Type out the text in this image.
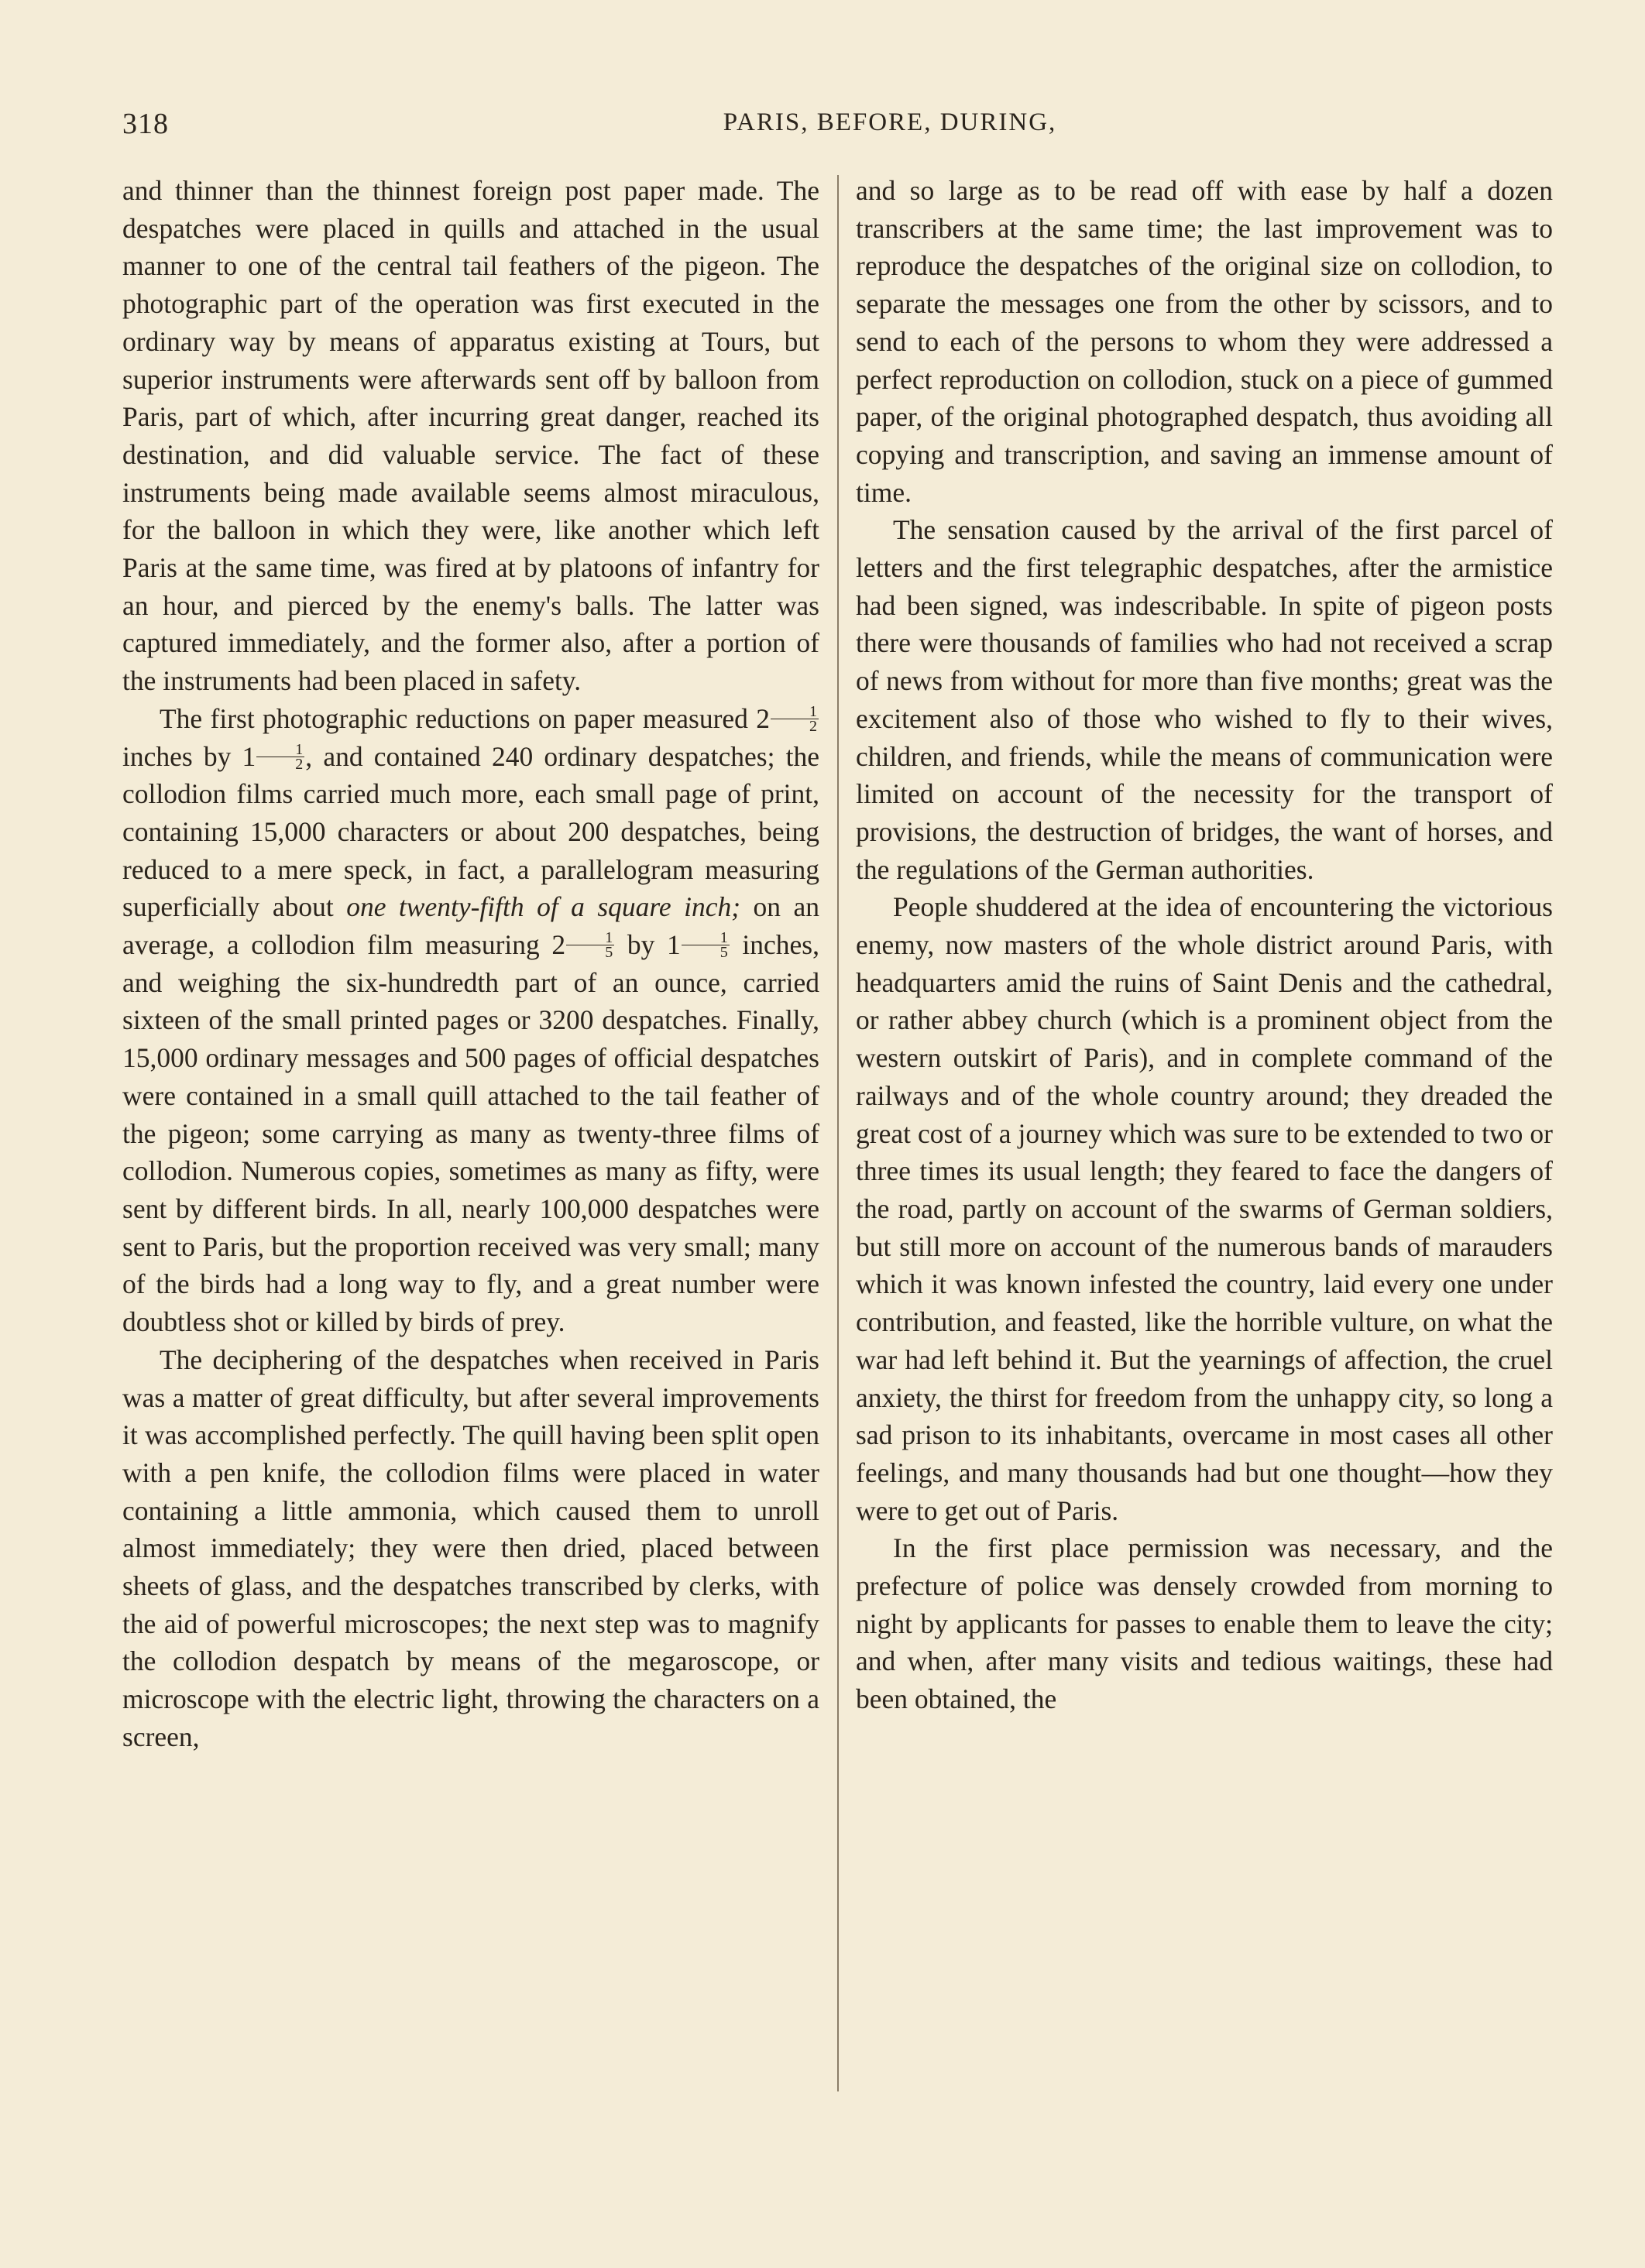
318	PARIS, BEFORE, DURING,

and thinner than the thinnest foreign post paper made. The despatches were placed in quills and attached in the usual manner to one of the central tail feathers of the pigeon. The photographic part of the operation was first executed in the ordinary way by means of apparatus existing at Tours, but superior instruments were afterwards sent off by balloon from Paris, part of which, after incurring great danger, reached its destination, and did valuable service. The fact of these instruments being made available seems almost miraculous, for the balloon in which they were, like another which left Paris at the same time, was fired at by platoons of infantry for an hour, and pierced by the enemy's balls. The latter was captured immediately, and the former also, after a portion of the instruments had been placed in safety.

The first photographic reductions on paper measured $2 \frac{1}{2}$
inches by $1 \frac{1}{2}$ , and contained 240 ordinary despatches; the collodion films carried much more, each small page of print, containing 15,000 characters or about 200 despatches, being reduced to a mere speck, in fact, a parallelogram measuring superficially about one twenty-fifth of a square inch; on an average, a collodion film measuring $2 \frac{1}{5}$ by $1 \frac{1}{5}$ inches, and weighing the six-hundredth part of an ounce, carried sixteen of the small printed pages or 3200 despatches. Finally, 15,000 ordinary messages and 500 pages of official despatches were contained in a small quill attached to the tail feather of the pigeon; some carrying as many as twenty-three films of collodion. Numerous copies, sometimes as many as fifty, were sent by different birds. In all, nearly 100,000 despatches were sent to Paris, but the proportion received was very small; many of the birds had a long way to fly, and a great number were doubtless shot or killed by birds of prey.

The deciphering of the despatches when received in Paris was a matter of great difficulty, but after several improvements it was accomplished perfectly. The quill having been split open with a pen knife, the collodion films were placed in water containing a little ammonia, which caused them to unroll almost immediately; they were then dried, placed between sheets of glass, and the despatches transcribed by clerks, with the aid of powerful microscopes; the next step was to magnify the collodion despatch by means of the megaroscope, or microscope with the electric light, throwing the characters on a screen,

and so large as to be read off with ease by half a dozen transcribers at the same time; the last improvement was to reproduce the despatches of the original size on collodion, to separate the messages one from the other by scissors, and to send to each of the persons to whom they were addressed a perfect reproduction on collodion, stuck on a piece of gummed paper, of the original photographed despatch, thus avoiding all copying and transcription, and saving an immense amount of time.

The sensation caused by the arrival of the first parcel of letters and the first telegraphic despatches, after the armistice had been signed, was indescribable. In spite of pigeon posts there were thousands of families who had not received a scrap of news from without for more than five months; great was the excitement also of those who wished to fly to their wives, children, and friends, while the means of communication were limited on account of the necessity for the transport of provisions, the destruction of bridges, the want of horses, and the regulations of the German authorities.

People shuddered at the idea of encountering the victorious enemy, now masters of the whole district around Paris, with headquarters amid the ruins of Saint Denis and the cathedral, or rather abbey church (which is a prominent object from the western outskirt of Paris), and in complete command of the railways and of the whole country around; they dreaded the great cost of a journey which was sure to be extended to two or three times its usual length; they feared to face the dangers of the road, partly on account of the swarms of German soldiers, but still more on account of the numerous bands of marauders which it was known infested the country, laid every one under contribution, and feasted, like the horrible vulture, on what the war had left behind it. But the yearnings of affection, the cruel anxiety, the thirst for freedom from the unhappy city, so long a sad prison to its inhabitants, overcame in most cases all other feelings, and many thousands had but one thought—how they were to get out of Paris.

In the first place permission was necessary, and the prefecture of police was densely crowded from morning to night by applicants for passes to enable them to leave the city; and when, after many visits and tedious waitings, these had been obtained, the
